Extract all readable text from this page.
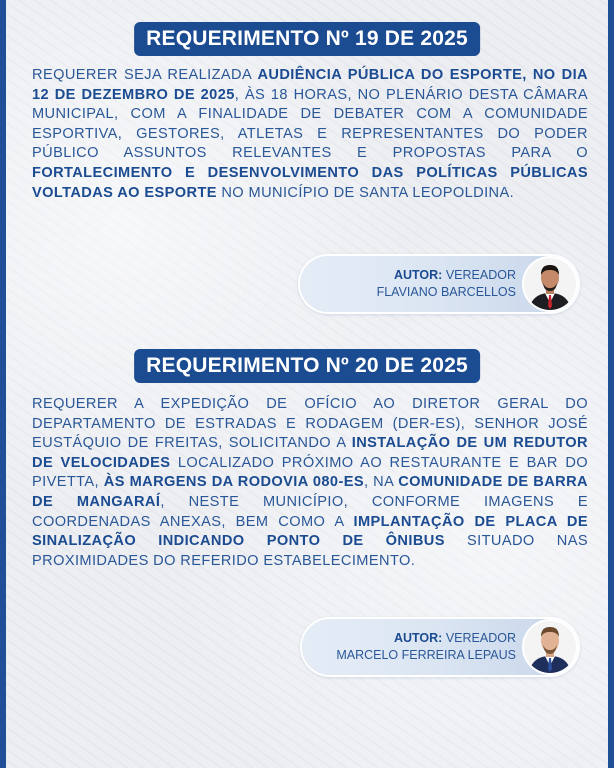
REQUERIMENTO Nº 19 DE 2025
REQUERER SEJA REALIZADA AUDIÊNCIA PÚBLICA DO ESPORTE, NO DIA 12 DE DEZEMBRO DE 2025, ÀS 18 HORAS, NO PLENÁRIO DESTA CÂMARA MUNICIPAL, COM A FINALIDADE DE DEBATER COM A COMUNIDADE ESPORTIVA, GESTORES, ATLETAS E REPRESENTANTES DO PODER PÚBLICO ASSUNTOS RELEVANTES E PROPOSTAS PARA O FORTALECIMENTO E DESENVOLVIMENTO DAS POLÍTICAS PÚBLICAS VOLTADAS AO ESPORTE NO MUNICÍPIO DE SANTA LEOPOLDINA.
AUTOR: VEREADOR
FLAVIANO BARCELLOS
REQUERIMENTO Nº 20 DE 2025
REQUERER A EXPEDIÇÃO DE OFÍCIO AO DIRETOR GERAL DO DEPARTAMENTO DE ESTRADAS E RODAGEM (DER-ES), SENHOR JOSÉ EUSTÁQUIO DE FREITAS, SOLICITANDO A INSTALAÇÃO DE UM REDUTOR DE VELOCIDADES LOCALIZADO PRÓXIMO AO RESTAURANTE E BAR DO PIVETTA, ÀS MARGENS DA RODOVIA 080-ES, NA COMUNIDADE DE BARRA DE MANGARAÍ, NESTE MUNICÍPIO, CONFORME IMAGENS E COORDENADAS ANEXAS, BEM COMO A IMPLANTAÇÃO DE PLACA DE SINALIZAÇÃO INDICANDO PONTO DE ÔNIBUS SITUADO NAS PROXIMIDADES DO REFERIDO ESTABELECIMENTO.
AUTOR: VEREADOR
MARCELO FERREIRA LEPAUS
